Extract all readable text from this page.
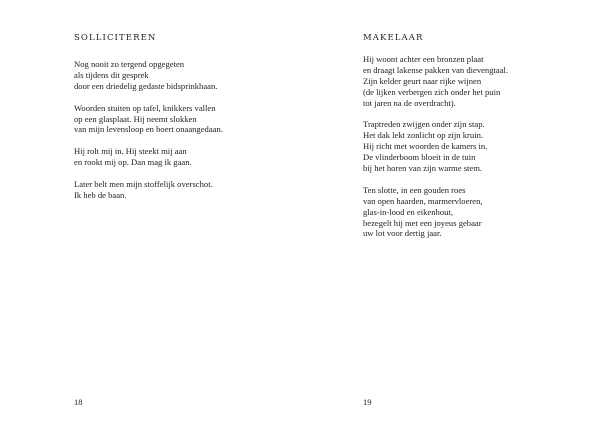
SOLLICITEREN

Nog nooit zo tergend opgegeten
als tijdens dit gesprek
door een driedelig gedaste bidsprinkhaan.

Woorden stuiten op tafel, knikkers vallen
op een glasplaat. Hij neemt slokken
van mijn levensloop en boert onaangedaan.

Hij rolt mij in. Hij steekt mij aan
en rookt mij op. Dan mag ik gaan.

Later belt men mijn stoffelijk overschot.
Ik heb de baan.

18
MAKELAAR

Hij woont achter een bronzen plaat
en draagt lakense pakken van dievengtaal.
Zijn kelder geurt naar rijke wijnen
(de lijken verbergen zich onder het puin
tot jaren na de overdracht).

Traptreden zwijgen onder zijn stap.
Het dak lekt zonlicht op zijn kruin.
Hij richt met woorden de kamers in.
De vlinderboom bloeit in de tuin
bij het horen van zijn warme stem.

Ten slotte, in een gouden roes
van open haarden, marmervloeren,
glas-in-lood en eikenhout,
bezegelt hij met een joyeus gebaar
uw lot voor dertig jaar.

19
